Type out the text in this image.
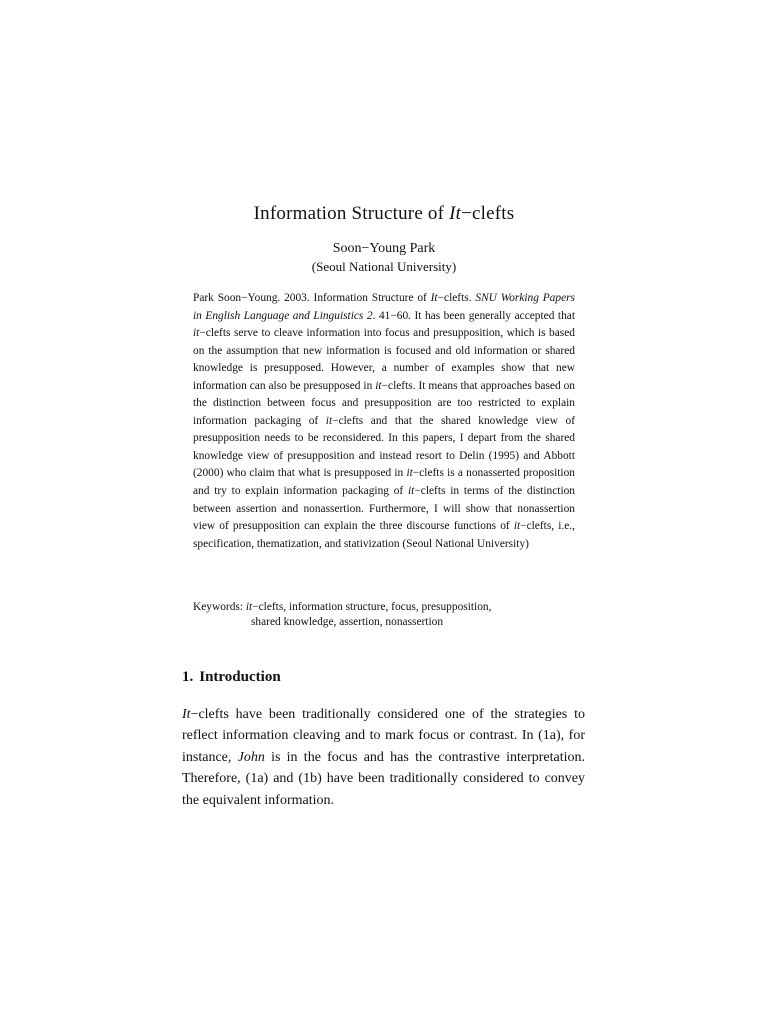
Information Structure of It−clefts
Soon−Young Park
(Seoul National University)

Park Soon−Young. 2003. Information Structure of It−clefts. SNU Working Papers in English Language and Linguistics 2. 41−60. It has been generally accepted that it−clefts serve to cleave information into focus and presupposition, which is based on the assumption that new information is focused and old information or shared knowledge is presupposed. However, a number of examples show that new information can also be presupposed in it−clefts. It means that approaches based on the distinction between focus and presupposition are too restricted to explain information packaging of it−clefts and that the shared knowledge view of presupposition needs to be reconsidered. In this papers, I depart from the shared knowledge view of presupposition and instead resort to Delin (1995) and Abbott (2000) who claim that what is presupposed in it−clefts is a nonasserted proposition and try to explain information packaging of it−clefts in terms of the distinction between assertion and nonassertion. Furthermore, I will show that nonassertion view of presupposition can explain the three discourse functions of it−clefts, i.e., specification, thematization, and stativization (Seoul National University)

Keywords: it−clefts, information structure, focus, presupposition,
shared knowledge, assertion, nonassertion
1. Introduction

It−clefts have been traditionally considered one of the strategies to reflect information cleaving and to mark focus or contrast. In (1a), for instance, John is in the focus and has the contrastive interpretation. Therefore, (1a) and (1b) have been traditionally considered to convey the equivalent information.
